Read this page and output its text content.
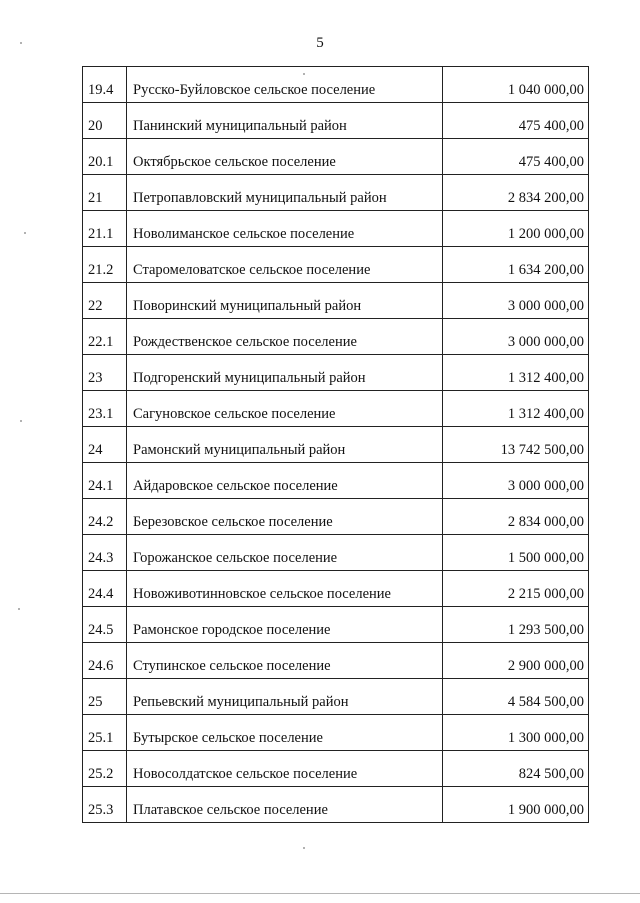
5
19.4	Русско-Буйловское сельское поселение	1 040 000,00
20	Панинский муниципальный район	475 400,00
20.1	Октябрьское сельское поселение	475 400,00
21	Петропавловский муниципальный район	2 834 200,00
21.1	Новолиманское сельское поселение	1 200 000,00
21.2	Старомеловатское сельское поселение	1 634 200,00
22	Поворинский муниципальный район	3 000 000,00
22.1	Рождественское сельское поселение	3 000 000,00
23	Подгоренский муниципальный район	1 312 400,00
23.1	Сагуновское сельское поселение	1 312 400,00
24	Рамонский муниципальный район	13 742 500,00
24.1	Айдаровское сельское поселение	3 000 000,00
24.2	Березовское сельское поселение	2 834 000,00
24.3	Горожанское сельское поселение	1 500 000,00
24.4	Новоживотинновское сельское поселение	2 215 000,00
24.5	Рамонское городское поселение	1 293 500,00
24.6	Ступинское сельское поселение	2 900 000,00
25	Репьевский муниципальный район	4 584 500,00
25.1	Бутырское сельское поселение	1 300 000,00
25.2	Новосолдатское сельское поселение	824 500,00
25.3	Платавское сельское поселение	1 900 000,00
